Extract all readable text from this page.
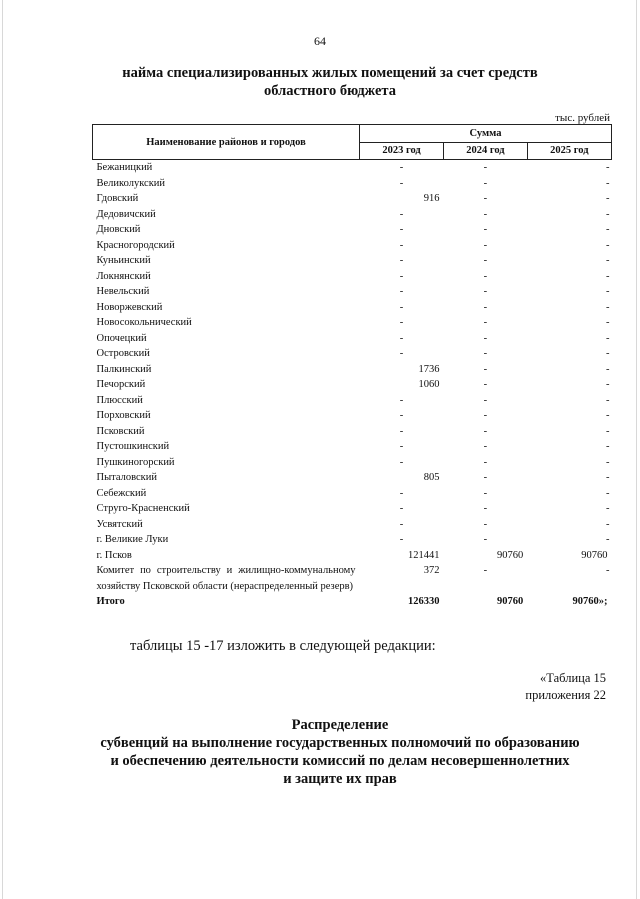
64
найма специализированных жилых помещений за счет средств
областного бюджета
тыс. рублей
Наименование районов и городов	Сумма		
	2023 год	2024 год	2025 год
Бежаницкий	-	-	-
Великолукский	-	-	-
Гдовский	916	-	-
Дедовичский	-	-	-
Дновский	-	-	-
Красногородский	-	-	-
Куньинский	-	-	-
Локнянский	-	-	-
Невельский	-	-	-
Новоржевский	-	-	-
Новосокольнический	-	-	-
Опочецкий	-	-	-
Островский	-	-	-
Палкинский	1736	-	-
Печорский	1060	-	-
Плюсский	-	-	-
Порховский	-	-	-
Псковский	-	-	-
Пустошкинский	-	-	-
Пушкиногорский	-	-	-
Пыталовский	805	-	-
Себежский	-	-	-
Струго-Красненский	-	-	-
Усвятский	-	-	-
г. Великие Луки	-	-	-
г. Псков	121441	90760	90760
Комитет по строительству и жилищно-коммунальному хозяйству Псковской области (нераспределенный резерв)	372	-	-
Итого	126330	90760	90760»;
таблицы 15 -17 изложить в следующей редакции:
«Таблица 15
приложения 22
Распределение
субвенций на выполнение государственных полномочий по образованию
и обеспечению деятельности комиссий по делам несовершеннолетних
и защите их прав
